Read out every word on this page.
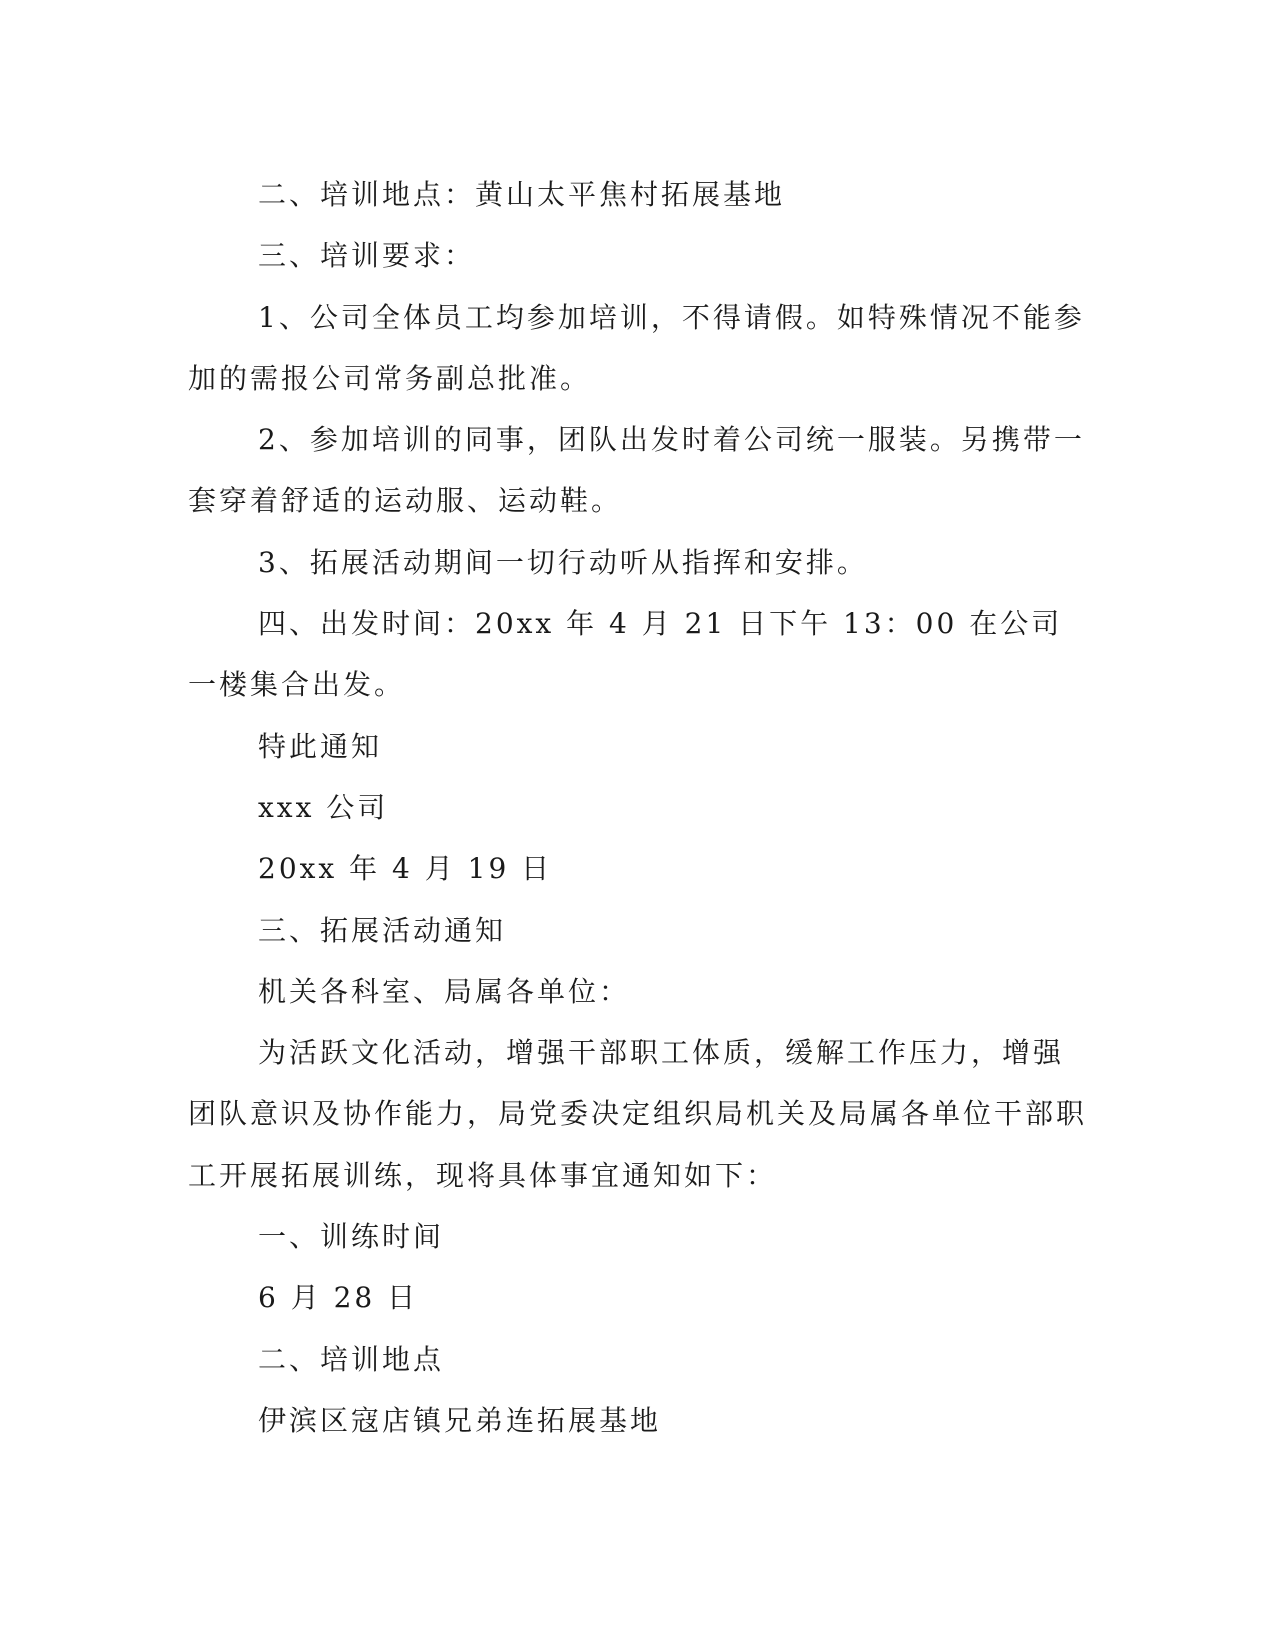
二、培训地点：黄山太平焦村拓展基地

三、培训要求：

1、公司全体员工均参加培训，不得请假。如特殊情况不能参加的需报公司常务副总批准。

2、参加培训的同事，团队出发时着公司统一服装。另携带一套穿着舒适的运动服、运动鞋。

3、拓展活动期间一切行动听从指挥和安排。

四、出发时间：20xx 年 4 月 21 日下午 13：00 在公司一楼集合出发。

特此通知

xxx 公司

20xx 年 4 月 19 日

三、拓展活动通知

机关各科室、局属各单位：

为活跃文化活动，增强干部职工体质，缓解工作压力，增强团队意识及协作能力，局党委决定组织局机关及局属各单位干部职工开展拓展训练，现将具体事宜通知如下：

一、训练时间

6 月 28 日

二、培训地点

伊滨区寇店镇兄弟连拓展基地
